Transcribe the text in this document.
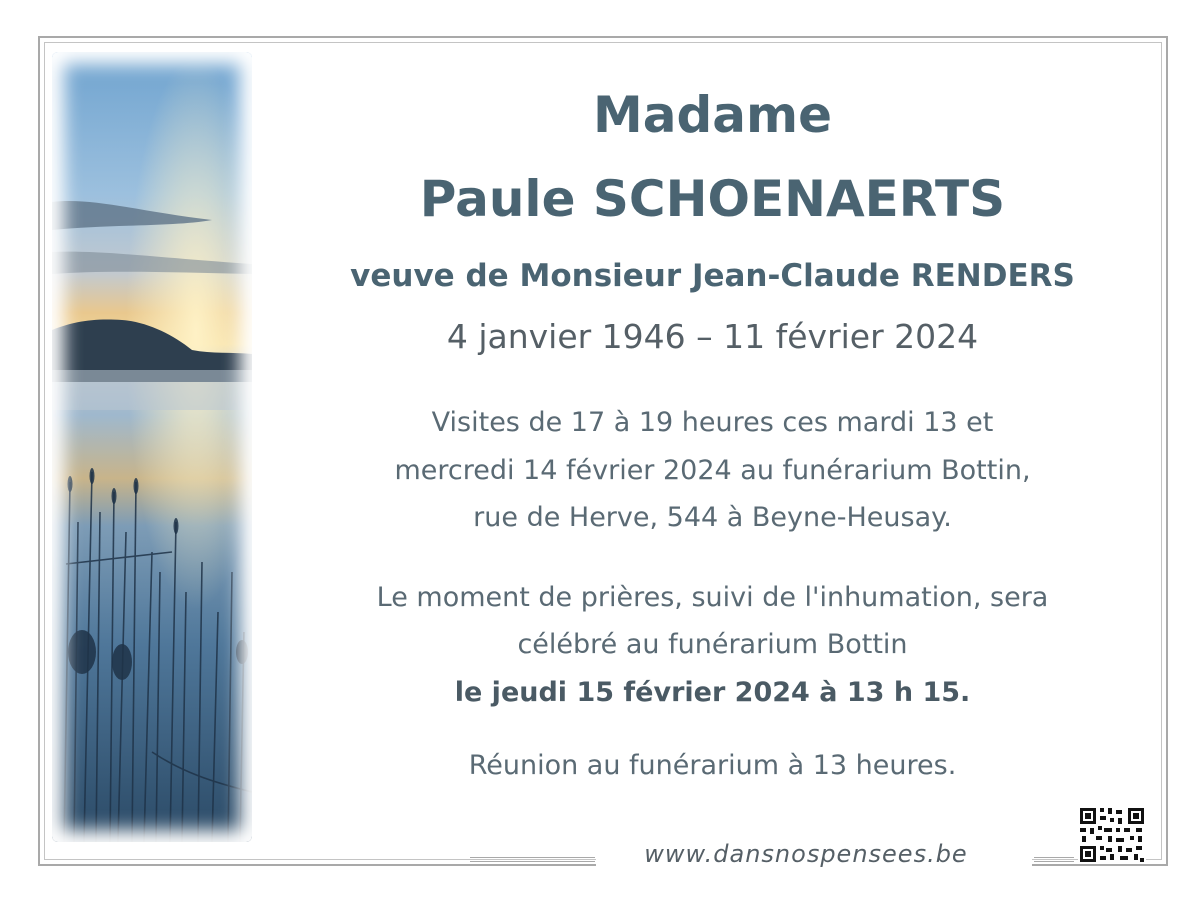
Madame
Paule SCHOENAERTS
veuve de Monsieur Jean-Claude RENDERS
4 janvier 1946 – 11 février 2024
Visites de 17 à 19 heures ces mardi 13 et
mercredi 14 février 2024 au funérarium Bottin,
rue de Herve, 544 à Beyne-Heusay.
Le moment de prières, suivi de l'inhumation, sera
célébré au funérarium Bottin
le jeudi 15 février 2024 à 13 h 15.
Réunion au funérarium à 13 heures.
www.dansnospensees.be
